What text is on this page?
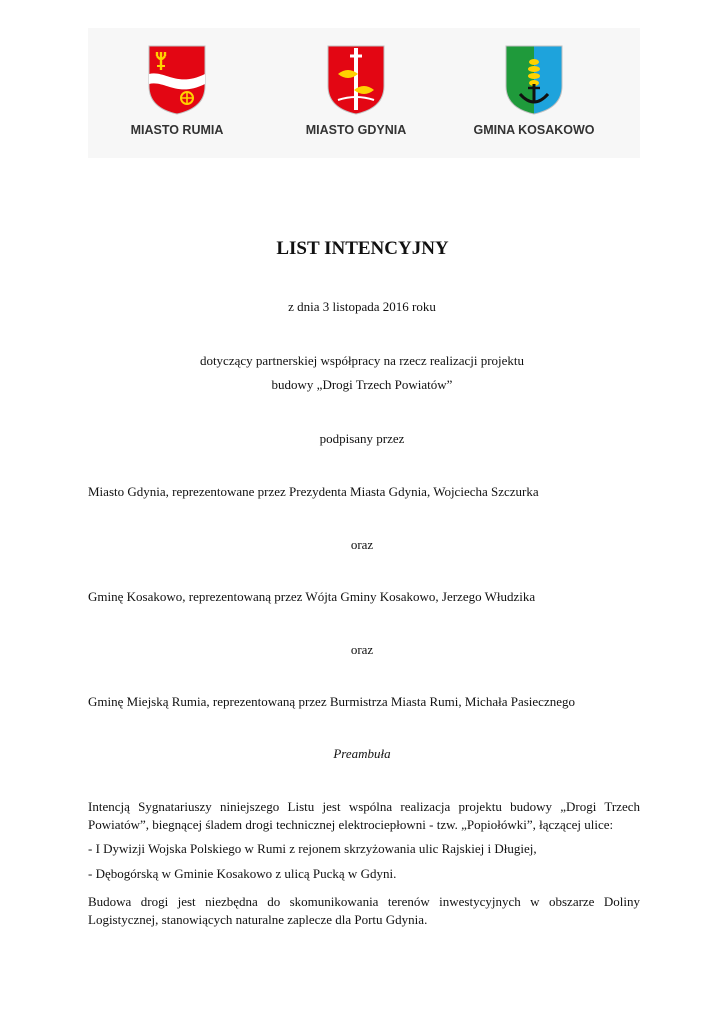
MIASTO RUMIA	MIASTO GDYNIA	GMINA KOSAKOWO
LIST INTENCYJNY
z dnia 3 listopada 2016 roku
dotyczący partnerskiej współpracy na rzecz realizacji projektu
budowy „Drogi Trzech Powiatów”
podpisany przez
Miasto Gdynia, reprezentowane przez Prezydenta Miasta Gdynia, Wojciecha Szczurka
oraz
Gminę Kosakowo, reprezentowaną przez Wójta Gminy Kosakowo, Jerzego Włudzika
oraz
Gminę Miejską Rumia, reprezentowaną przez Burmistrza Miasta Rumi, Michała Pasiecznego
Preambuła
Intencją Sygnatariuszy niniejszego Listu jest wspólna realizacja projektu budowy „Drogi Trzech Powiatów”, biegnącej śladem drogi technicznej elektrociepłowni - tzw. „Popiołówki”, łączącej ulice:
- I Dywizji Wojska Polskiego w Rumi z rejonem skrzyżowania ulic Rajskiej i Długiej,
- Dębogórską w Gminie Kosakowo z ulicą Pucką w Gdyni.
Budowa drogi jest niezbędna do skomunikowania terenów inwestycyjnych w obszarze Doliny Logistycznej, stanowiących naturalne zaplecze dla Portu Gdynia.
